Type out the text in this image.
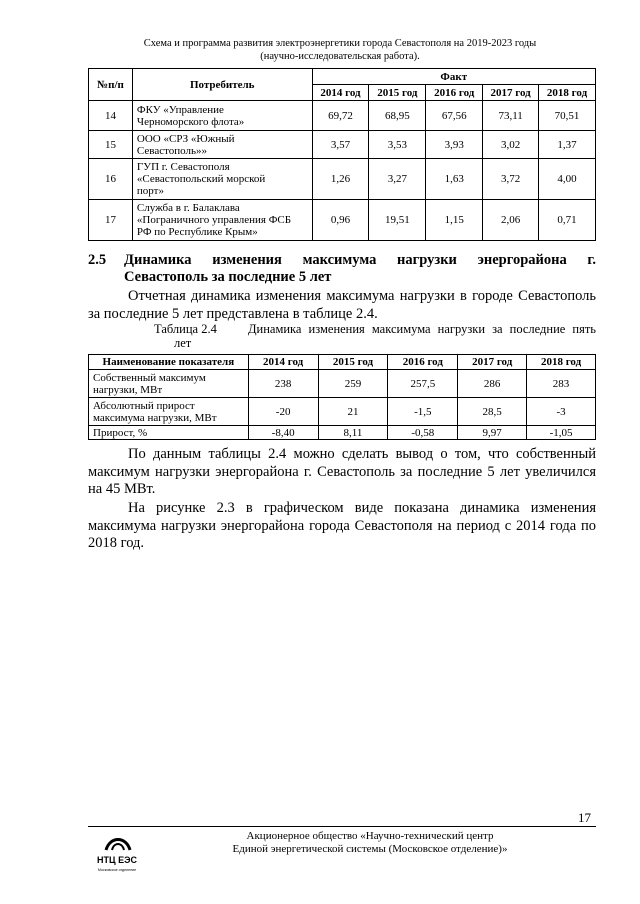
Схема и программа развития электроэнергетики города Севастополя на 2019-2023 годы
(научно-исследовательская работа).
№п/п	Потребитель	Факт				
		2014 год	2015 год	2016 год	2017 год	2018 год
14	ФКУ «Управление
Черноморского флота»	69,72	68,95	67,56	73,11	70,51
15	ООО «СРЗ «Южный
Севастополь»»	3,57	3,53	3,93	3,02	1,37
16	ГУП г. Севастополя
«Севастопольский морской
порт»	1,26	3,27	1,63	3,72	4,00
17	Служба в г. Балаклава
«Пограничного управления ФСБ
РФ по Республике Крым»	0,96	19,51	1,15	2,06	0,71
2.5 Динамика изменения максимума нагрузки энергорайона г. Севастополь за последние 5 лет
Отчетная динамика изменения максимума нагрузки в городе Севастополь за последние 5 лет представлена в таблице 2.4.
Таблица 2.4 Динамика изменения максимума нагрузки за последние пять
лет
Наименование показателя	2014 год	2015 год	2016 год	2017 год	2018 год

Собственный максимум
нагрузки, МВт	238	259	257,5	286	283

Абсолютный прирост
максимума нагрузки, МВт	-20	21	-1,5	28,5	-3

Прирост, %	-8,40	8,11	-0,58	9,97	-1,05
По данным таблицы 2.4 можно сделать вывод о том, что собственный максимум нагрузки энергорайона г. Севастополь за последние 5 лет увеличился на 45 МВт.
На рисунке 2.3 в графическом виде показана динамика изменения максимума нагрузки энергорайона города Севастополя на период с 2014 года по 2018 год.
17
НТЦ ЕЭС
Московское отделение
Акционерное общество «Научно-технический центр
Единой энергетической системы (Московское отделение)»
